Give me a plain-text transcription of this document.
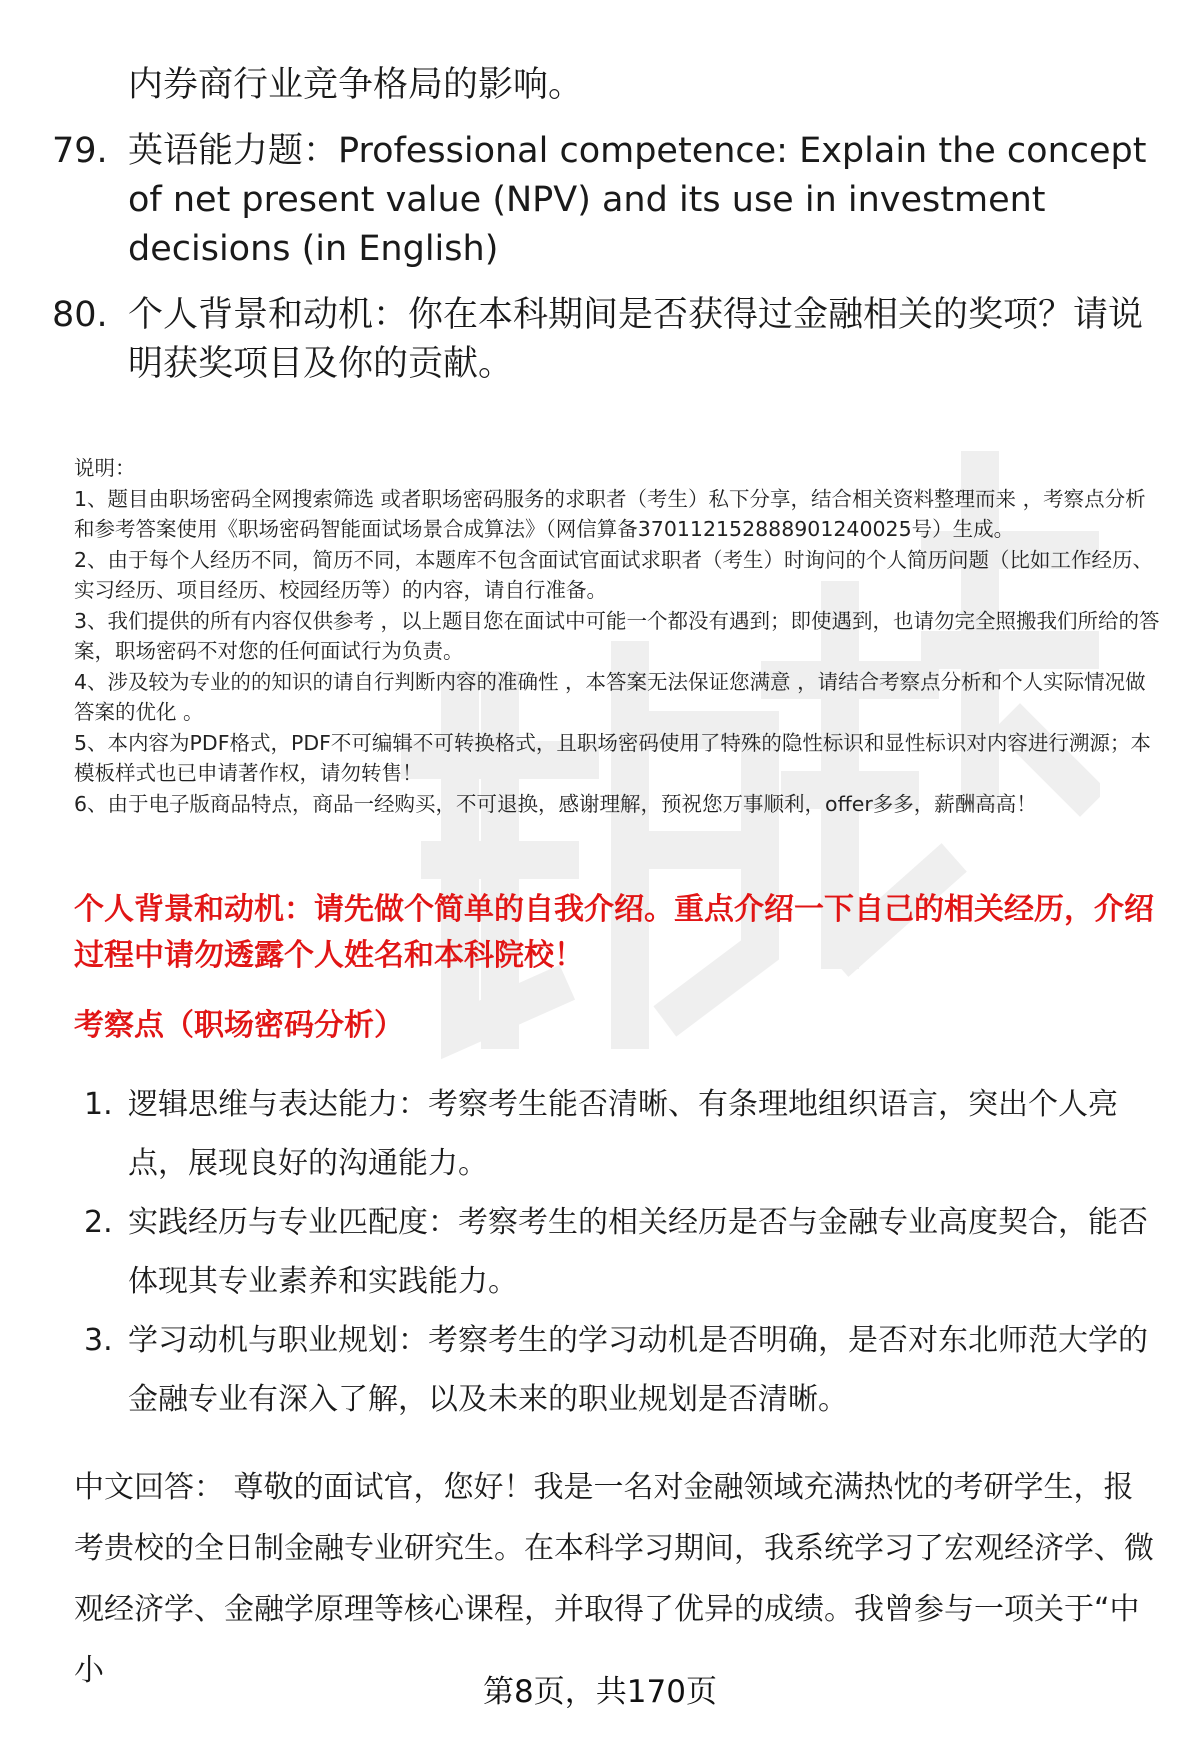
内券商行业竞争格局的影响。

79. 英语能力题：Professional competence: Explain the concept of net present value (NPV) and its use in investment decisions (in English)
80. 个人背景和动机：你在本科期间是否获得过金融相关的奖项？请说明获奖项目及你的贡献。

说明：

1、题目由职场密码全网搜索筛选 或者职场密码服务的求职者（考生）私下分享，结合相关资料整理而来 ，考察点分析和参考答案使用《职场密码智能面试场景合成算法》（网信算备370112152888901240025号）生成。

2、由于每个人经历不同，简历不同，本题库不包含面试官面试求职者（考生）时询问的个人简历问题（比如工作经历、实习经历、项目经历、校园经历等）的内容，请自行准备。

3、我们提供的所有内容仅供参考 ，以上题目您在面试中可能一个都没有遇到；即使遇到，也请勿完全照搬我们所给的答案，职场密码不对您的任何面试行为负责。

4、涉及较为专业的的知识的请自行判断内容的准确性 ，本答案无法保证您满意 ，请结合考察点分析和个人实际情况做答案的优化 。

5、本内容为PDF格式，PDF不可编辑不可转换格式，且职场密码使用了特殊的隐性标识和显性标识对内容进行溯源；本模板样式也已申请著作权，请勿转售！

6、由于电子版商品特点，商品一经购买，不可退换，感谢理解，预祝您万事顺利，offer多多，薪酬高高！

个人背景和动机：请先做个简单的自我介绍。重点介绍一下自己的相关经历，介绍过程中请勿透露个人姓名和本科院校！

考察点（职场密码分析）

1. 逻辑思维与表达能力：考察考生能否清晰、有条理地组织语言，突出个人亮点，展现良好的沟通能力。
2. 实践经历与专业匹配度：考察考生的相关经历是否与金融专业高度契合，能否体现其专业素养和实践能力。
3. 学习动机与职业规划：考察考生的学习动机是否明确，是否对东北师范大学的金融专业有深入了解，以及未来的职业规划是否清晰。

中文回答： 尊敬的面试官，您好！我是一名对金融领域充满热忱的考研学生，报考贵校的全日制金融专业研究生。在本科学习期间，我系统学习了宏观经济学、微观经济学、金融学原理等核心课程，并取得了优异的成绩。我曾参与一项关于“中小

第8页，共170页
